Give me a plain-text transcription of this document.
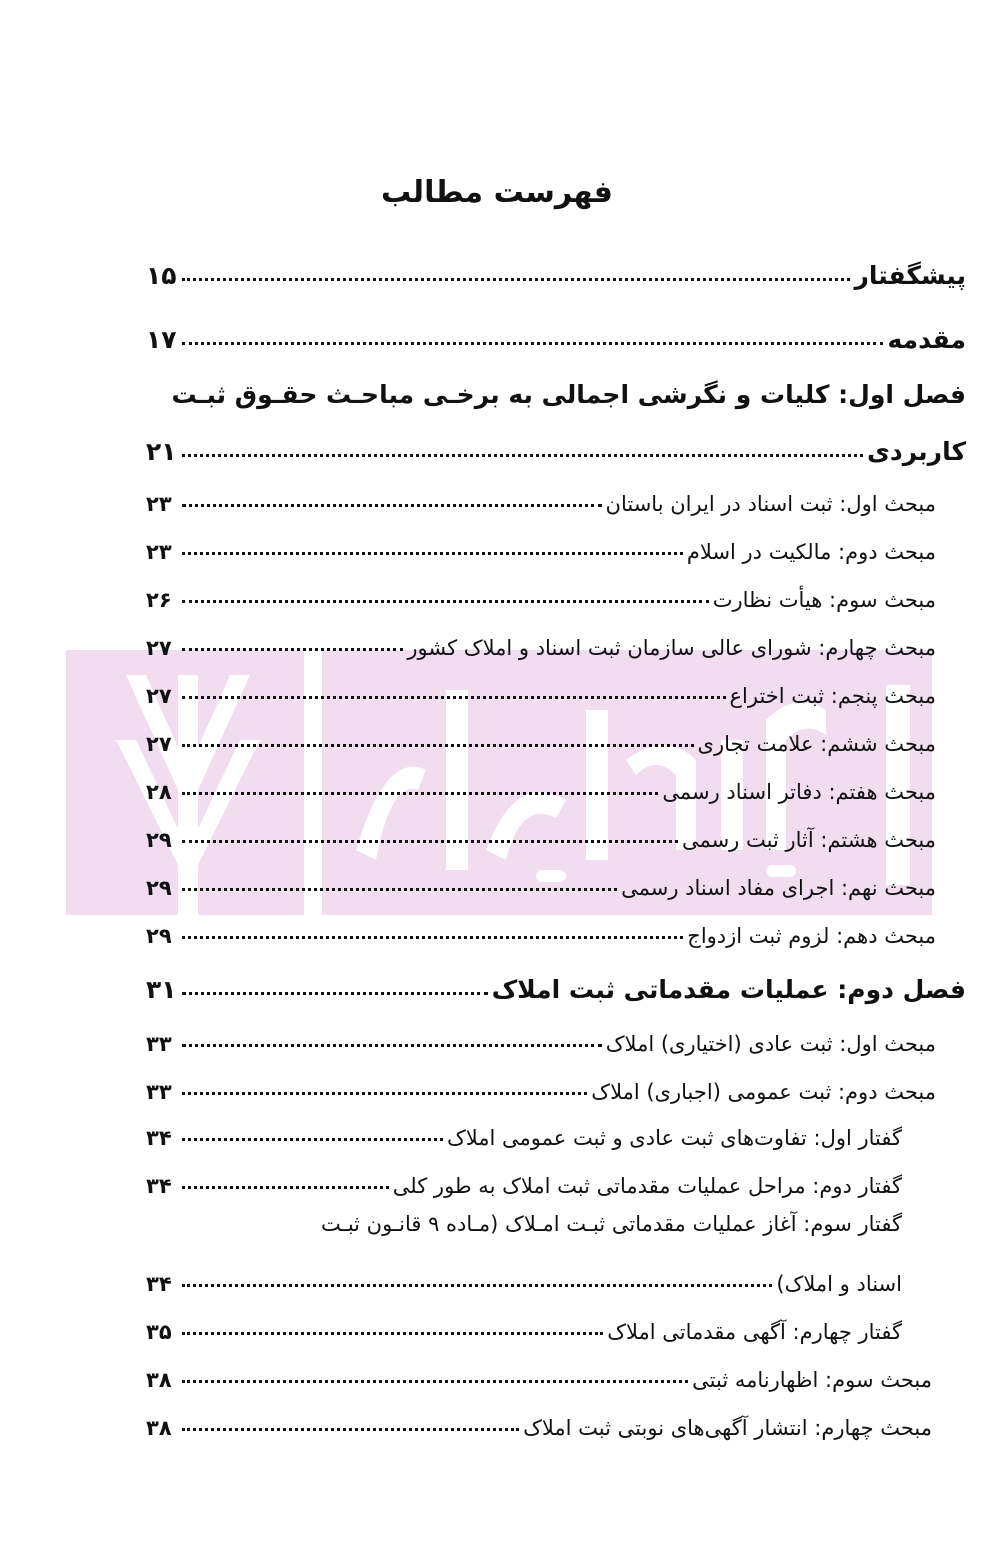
فهرست مطالب
پیشگفتار
۱۵
مقدمه
۱۷
فصل اول: کلیات و نگرشی اجمالی به برخـی مباحـث حقـوق ثبـت
کاربردی
۲۱
مبحث اول: ثبت اسناد در ایران باستان
۲۳
مبحث دوم: مالکیت در اسلام
۲۳
مبحث سوم: هیأت نظارت
۲۶
مبحث چهارم: شورای عالی سازمان ثبت اسناد و املاک کشور
۲۷
مبحث پنجم: ثبت اختراع
۲۷
مبحث ششم: علامت تجاری
۲۷
مبحث هفتم: دفاتر اسناد رسمی
۲۸
مبحث هشتم: آثار ثبت رسمی
۲۹
مبحث نهم: اجرای مفاد اسناد رسمی
۲۹
مبحث دهم: لزوم ثبت ازدواج
۲۹
فصل دوم: عملیات مقدماتی ثبت املاک
۳۱
مبحث اول: ثبت عادی (اختیاری) املاک
۳۳
مبحث دوم: ثبت عمومی (اجباری) املاک
۳۳
گفتار اول: تفاوت‌های ثبت عادی و ثبت عمومی املاک
۳۴
گفتار دوم: مراحل عملیات مقدماتی ثبت املاک به طور کلی
۳۴
گفتار سوم: آغاز عملیات مقدماتی ثبـت امـلاک (مـاده ۹ قانـون ثبـت
اسناد و املاک)
۳۴
گفتار چهارم: آگهی مقدماتی املاک
۳۵
مبحث سوم: اظهارنامه ثبتی
۳۸
مبحث چهارم: انتشار آگهی‌های نوبتی ثبت املاک
۳۸
